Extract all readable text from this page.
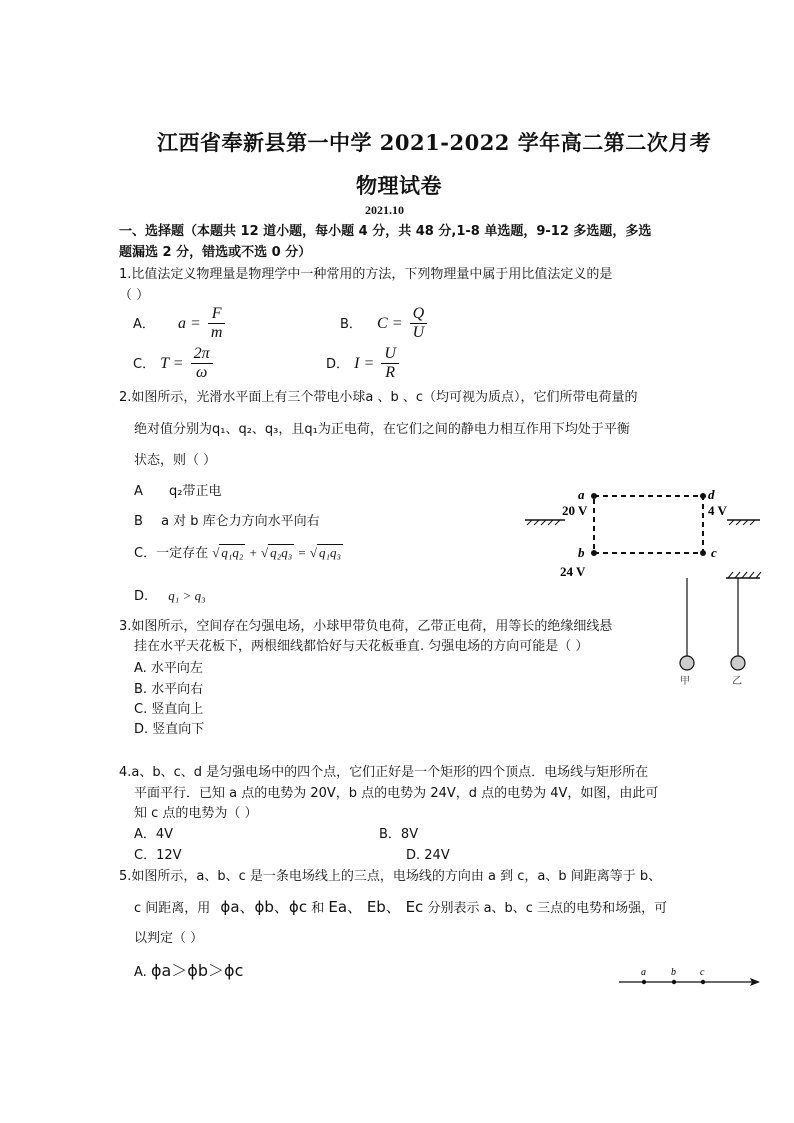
江西省奉新县第一中学 2021-2022 学年高二第二次月考
物理试卷
2021.10
一、选择题（本题共 12 道小题，每小题 4 分，共 48 分,1-8 单选题，9-12 多选题，多选
题漏选 2 分，错选或不选 0 分）
1.比值法定义物理量是物理学中一种常用的方法，下列物理量中属于用比值法定义的是
（ ）
A． $a = \frac{F}{m}$	B． $C = \frac{Q}{U}$
C． $T = \frac{2\pi}{\omega}$	D． $I = \frac{U}{R}$
2.如图所示，光滑水平面上有三个带电小球a 、b 、c（均可视为质点），它们所带电荷量的
绝对值分别为q₁、q₂、q₃，且q₁为正电荷，在它们之间的静电力相互作用下均处于平衡
状态，则（ ）
A q₂带正电
B a 对 b 库仑力方向水平向右
C．一定存在 √ q₁q₂ + √ q₂q₃ = √ q₁q₃
D. q₁ > q₃
a	d
b	c
20 V	4 V
24 V
甲	乙
3.如图所示，空间存在匀强电场，小球甲带负电荷，乙带正电荷，用等长的绝缘细线悬
挂在水平天花板下，两根细线都恰好与天花板垂直. 匀强电场的方向可能是（ ）
A. 水平向左
B. 水平向右
C. 竖直向上
D. 竖直向下
4.a、b、c、d 是匀强电场中的四个点，它们正好是一个矩形的四个顶点．电场线与矩形所在
平面平行．已知 a 点的电势为 20V，b 点的电势为 24V，d 点的电势为 4V，如图，由此可
知 c 点的电势为（ ）
A．4V	B．8V
C．12V	D. 24V
5.如图所示，a、b、c 是一条电场线上的三点，电场线的方向由 a 到 c，a、b 间距离等于 b、
c 间距离，用 ϕa、ϕb、ϕc 和 Ea、 Eb、 Ec 分别表示 a、b、c 三点的电势和场强，可
以判定（ ）
A. ϕa＞ϕb＞ϕc	a	b c
